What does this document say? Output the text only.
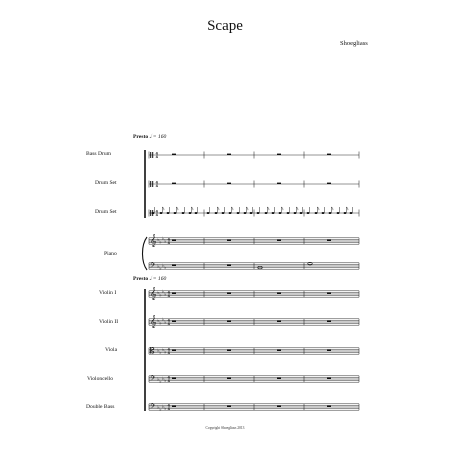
Scape
Shoegliass
Presto 𝅗𝅥 = 160
Presto 𝅗𝅥 = 160
Bass Drum
Drum Set
Drum Set
Piano
Violin I
Violin II
Viola
Violoncello
Double Bass
𝄞
𝄢
𝄞
𝄞
𝄡
𝄢
𝄢
♭ ♭
♭ ♭
♭ ♭
♭ ♭
♭ ♭
♭ ♭
♭ ♭
♭ ♭
♭ ♭
♭ ♭
♭ ♭
♭ ♭
♭ ♭
♭ ♭
4
4
4
4
4
4
4
4
4
4
4
4
4
4
4
4
4
4
Copyright Shoegliass 2013
